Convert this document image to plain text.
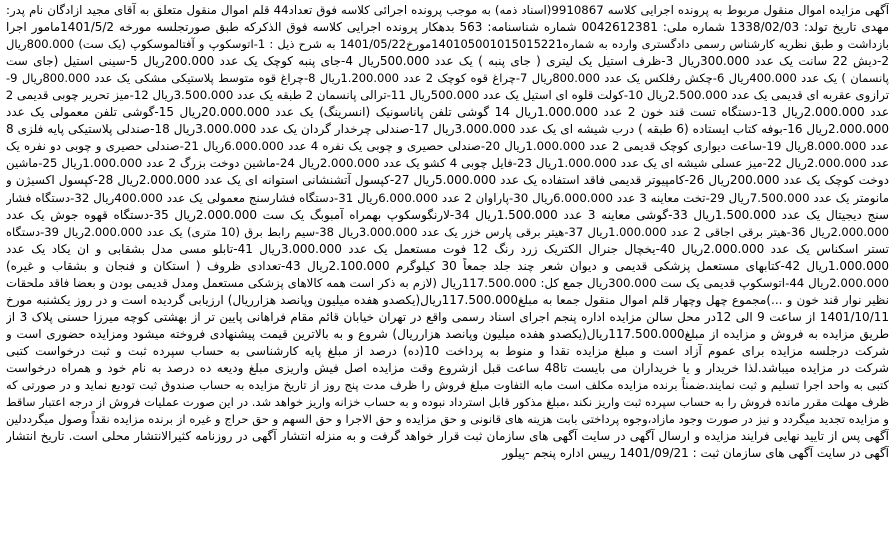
آگهی مزایده اموال منقول مربوط به پرونده اجرایی کلاسه 9910867(اسناد ذمه) به موجب پرونده اجرائی کلاسه فوق تعداد44 قلم اموال منقول متعلق به آقای مجید ازادگان نام پدر:
مهدی تاریخ تولد: 1338/02/03 شماره ملی: 0042612381 شماره شناسنامه: 563 بدهکار پرونده اجرایی کلاسه فوق الذکرکه طبق صورتجلسه مورخه 1401/5/2مامور اجرا
بازداشت و طبق نظریه کارشناس رسمی دادگستری وارده به شماره140105001015015221مورخ1401/05/22 به شرح ذیل : 1-اتوسکوپ و آفتالموسکوپ (یک ست) 800.000ریال
2-دیش 22 سانت یک عدد 300.000ریال 3-ظرف استیل یک لیتری ( جای پنبه ) یک عدد 500.000ریال 4-جای پنبه کوچک یک عدد 200.000ریال 5-سینی استیل (جای ست
پانسمان ) یک عدد 400.000ریال 6-چکش رفلکس یک عدد 800.000ریال 7-چراغ قوه کوچک 2 عدد 1.200.000ریال 8-چراغ قوه متوسط پلاستیکی مشکی یک عدد 800.000ریال 9-
ترازوی عقربه ای قدیمی یک عدد 2.500.000ریال 10-کولت قلوه ای استیل یک عدد 500.000ریال 11-ترالی پانسمان 2 طبقه یک عدد 3.500.000ریال 12-میز تحریر چوبی قدیمی 2
عدد 2.000.000ریال 13-دستگاه تست قند خون 2 عدد 1.000.000ریال 14 گوشی تلفن پاناسونیک (انسرینگ) یک عدد 20.000.000ریال 15-گوشی تلفن معمولی یک عدد
2.000.000ریال 16-بوفه کتاب ایستاده (6 طبقه ) درب شیشه ای یک عدد 3.000.000ریال 17-صندلی چرخدار گردان یک عدد 3.000.000ریال 18-صندلی پلاستیکی پایه فلزی 8
عدد 8.000.000ریال 19-ساعت دیواری کوچک قدیمی 2 عدد 1.000.000ریال 20-صندلی حصیری و چوبی یک نفره 4 عدد 6.000.000ریال 21-صندلی حصیری و چوبی دو نفره یک
عدد 2.000.000ریال 22-میز عسلی شیشه ای یک عدد 1.000.000ریال 23-فایل چوبی 4 کشو یک عدد 2.000.000ریال 24-ماشین دوخت بزرگ 2 عدد 1.000.000ریال 25-ماشین
دوخت کوچک یک عدد 200.000ریال 26-کامپیوتر قدیمی فاقد استفاده یک عدد 5.000.000ریال 27-کپسول آتشنشانی استوانه ای یک عدد 2.000.000ریال 28-کپسول اکسیژن و
مانومتر یک عدد 7.500.000ریال 29-تخت معاینه 3 عدد 6.000.000ریال 30-پاراوان 2 عدد 6.000.000ریال 31-دستگاه فشارسنج معمولی یک عدد 400.000ریال 32-دستگاه فشار
سنج دیجیتال یک عدد 1.500.000ریال 33-گوشی معاینه 3 عدد 1.500.000ریال 34-لارنگوسکوپ بهمراه آمبوبگ یک ست 2.000.000ریال 35-دستگاه قهوه جوش یک عدد
2.000.000ریال 36-هیتر برقی اجاقی 2 عدد 1.000.000ریال 37-هیتر برقی پارس خزر یک عدد 3.000.000ریال 38-سیم رابط برق (10 متری) یک عدد 2.000.000ریال 39-دستگاه
تستر اسکناس یک عدد 2.000.000ریال 40-یخچال جنرال الکتریک زرد رنگ 12 فوت مستعمل یک عدد 3.000.000ریال 41-تابلو مسی مدل بشقابی و ان یکاد یک عدد
1.000.000ریال 42-کتابهای مستعمل پزشکی قدیمی و دیوان شعر چند جلد جمعاً 30 کیلوگرم 2.100.000ریال 43-تعدادی ظروف ( استکان و فنجان و بشقاب و غیره)
2.000.000ریال 44-اتوسکوپ قدیمی یک ست 300.000ریال جمع کل: 117.500.000ریال (لازم به ذکر است همه کالاهای پزشکی مستعمل ومدل قدیمی بودن و بعضا فاقد ملحقات
نظیر نوار قند خون و ...)مجموع چهل وچهار قلم اموال منقول جمعا به مبلغ117.500.000ریال(یکصدو هفده میلیون وپانصد هزارریال) ارزیابی گردیده است و در روز یکشنبه مورخ
1401/10/11 از ساعت 9 الی 12در محل سالن مزایده اداره پنجم اجرای اسناد رسمی واقع در تهران خیابان قائم مقام فراهانی پایین تر از بهشتی کوچه میرزا حسنی پلاک 3 از
طریق مزایده به فروش و مزایده از مبلغ117.500.000ریال(یکصدو هفده میلیون وپانصد هزارریال) شروع و به بالاترین قیمت پیشنهادی فروخته میشود ومزایده حضوری است و
شرکت درجلسه مزایده برای عموم آزاد است و مبلغ مزایده نقدا و منوط به پرداخت 10(ده) درصد از مبلغ پایه کارشناسی به حساب سپرده ثبت و ثبت درخواست کتبی
شرکت در مزایده میباشد.لذا خریدار و یا خریداران می بایست تا48 ساعت قبل ازشروع وقت مزایده اصل فیش واریزی مبلغ ودیعه ده درصد به نام خود و همراه درخواست
کتبی به واحد اجرا تسلیم و ثبت نمایند.ضمناً برنده مزایده مکلف است مابه التفاوت مبلغ فروش را ظرف مدت پنج روز از تاریخ مزایده به حساب صندوق ثبت تودیع نماید و در صورتی که
ظرف مهلت مقرر مانده فروش را به حساب سپرده ثبت واریز نکند ،مبلغ مذکور قابل استرداد نبوده و به حساب خزانه واریز خواهد شد. در این صورت عملیات فروش از درجه اعتبار ساقط
و مزایده تجدید میگردد و نیز در صورت وجود مازاد،وجوه پرداختی بابت هزینه های قانونی و حق مزایده و حق الاجرا و حق السهم و حق حراج و غیره از برنده مزایده نقداً وصول میگرددلین
آگهی پس از تایید نهایی فرایند مزایده و ارسال آگهی در سایت آگهی های سازمان ثبت قرار خواهد گرفت و به منزله انتشار آگهی در روزنامه کثیرالانتشار محلی است. تاریخ انتشار
آگهی در سایت آگهی های سازمان ثبت : 1401/09/21 رییس اداره پنجم -پیلور
